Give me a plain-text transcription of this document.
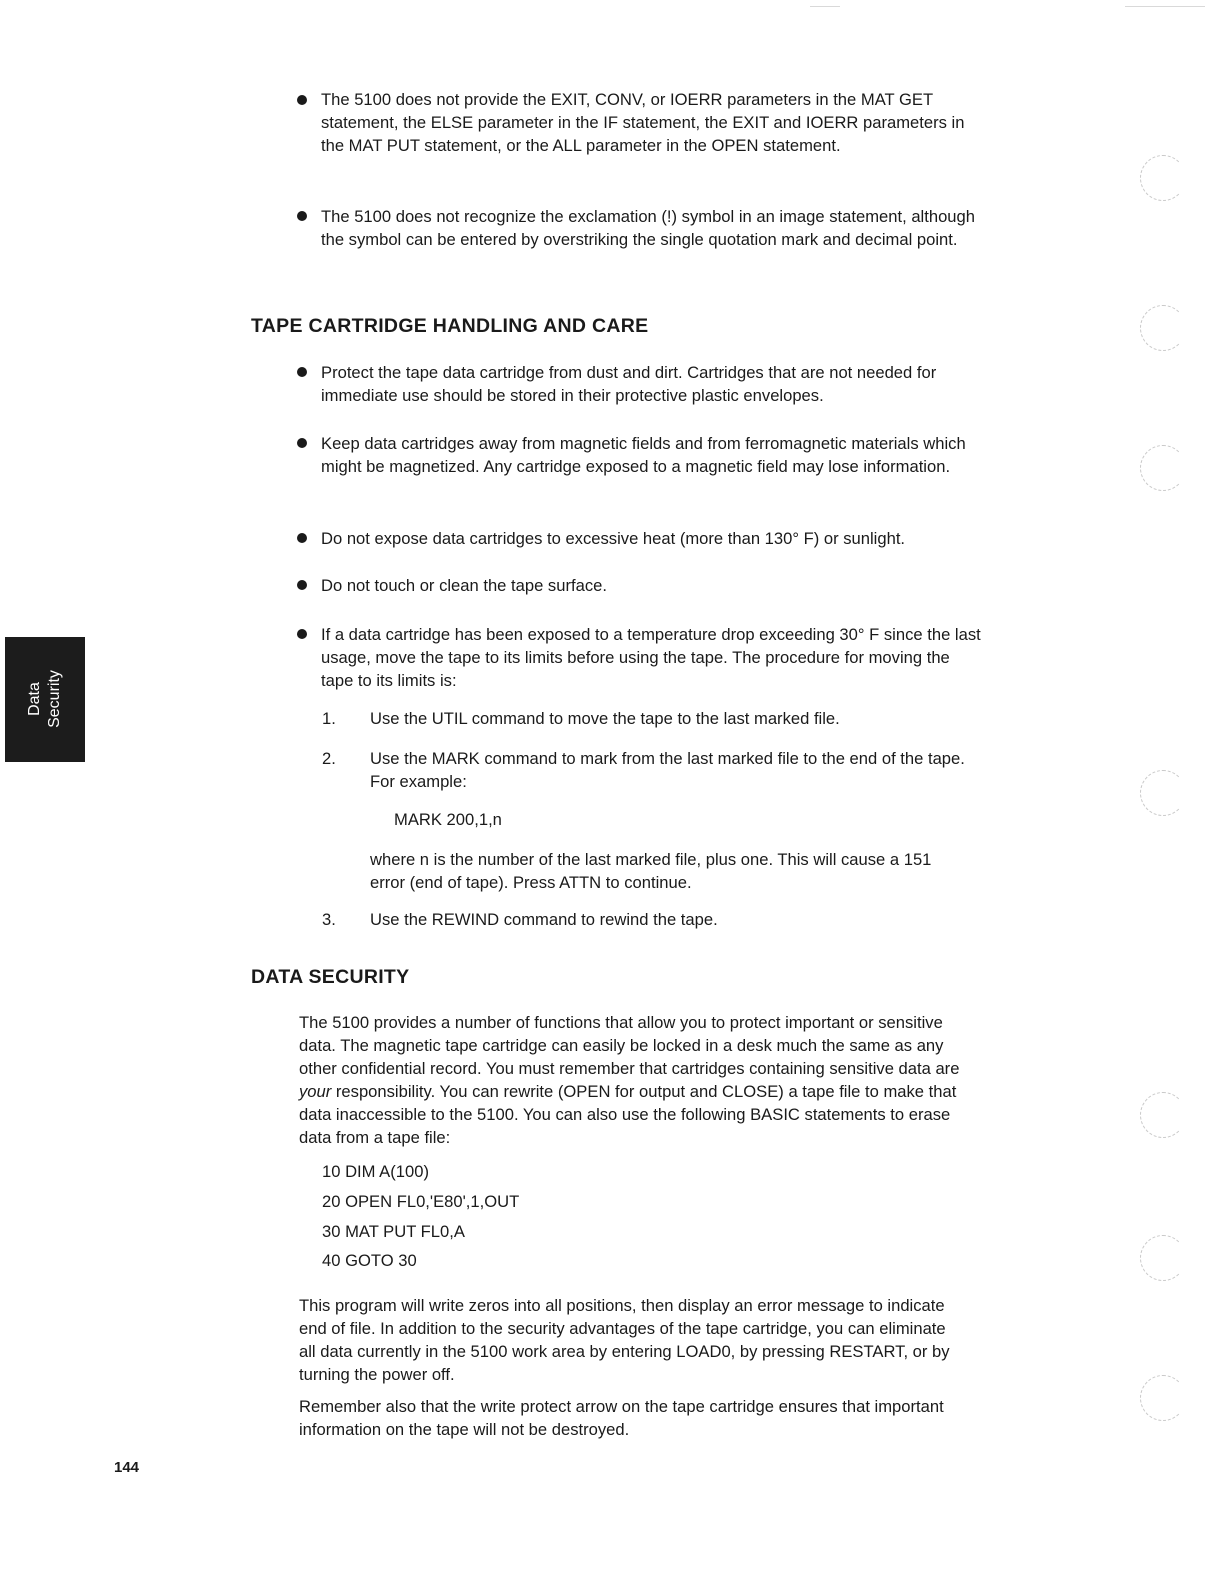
The 5100 does not provide the EXIT, CONV, or IOERR parameters in the MAT GET statement, the ELSE parameter in the IF statement, the EXIT and IOERR parameters in the MAT PUT statement, or the ALL parameter in the OPEN statement.

The 5100 does not recognize the exclamation (!) symbol in an image statement, although the symbol can be entered by overstriking the single quotation mark and decimal point.

TAPE CARTRIDGE HANDLING AND CARE

Protect the tape data cartridge from dust and dirt. Cartridges that are not needed for immediate use should be stored in their protective plastic envelopes.

Keep data cartridges away from magnetic fields and from ferromagnetic materials which might be magnetized. Any cartridge exposed to a magnetic field may lose information.

Do not expose data cartridges to excessive heat (more than 130° F) or sunlight.

Do not touch or clean the tape surface.

If a data cartridge has been exposed to a temperature drop exceeding 30° F since the last usage, move the tape to its limits before using the tape. The procedure for moving the tape to its limits is:

1.	Use the UTIL command to move the tape to the last marked file.

2.	Use the MARK command to mark from the last marked file to the end of the tape. For example:

MARK 200,1,n

where n is the number of the last marked file, plus one. This will cause a 151 error (end of tape). Press ATTN to continue.

3.	Use the REWIND command to rewind the tape.

DATA SECURITY

The 5100 provides a number of functions that allow you to protect important or sensitive data. The magnetic tape cartridge can easily be locked in a desk much the same as any other confidential record. You must remember that cartridges containing sensitive data are your responsibility. You can rewrite (OPEN for output and CLOSE) a tape file to make that data inaccessible to the 5100. You can also use the following BASIC statements to erase data from a tape file:

10 DIM A(100)

20 OPEN FL0,'E80',1,OUT

30 MAT PUT FL0,A

40 GOTO 30

This program will write zeros into all positions, then display an error message to indicate end of file. In addition to the security advantages of the tape cartridge, you can eliminate all data currently in the 5100 work area by entering LOAD0, by pressing RESTART, or by turning the power off.

Remember also that the write protect arrow on the tape cartridge ensures that important information on the tape will not be destroyed.

Data Security
144
